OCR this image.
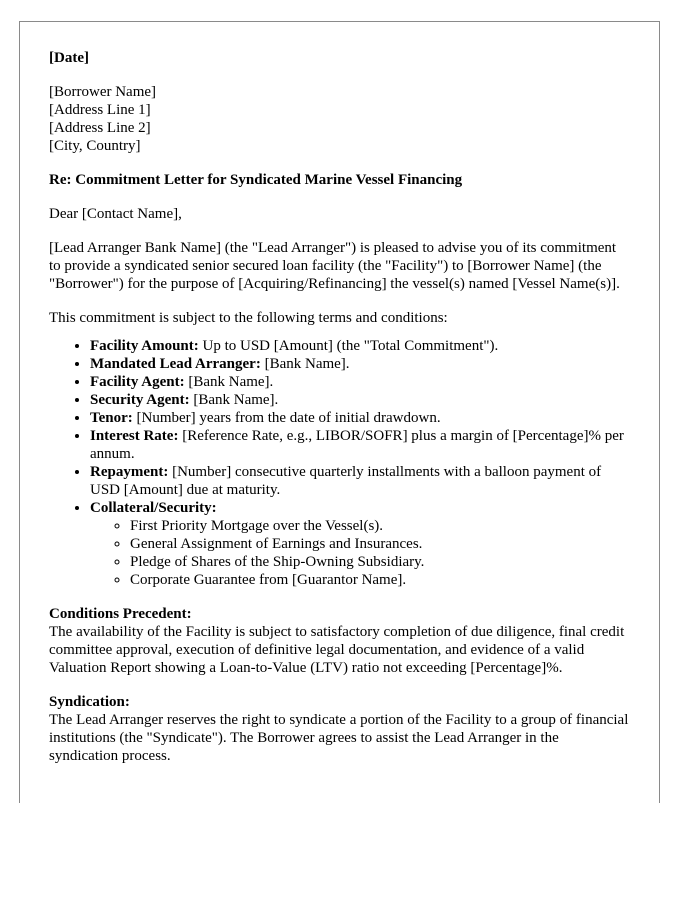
[Date]

[Borrower Name]
[Address Line 1]
[Address Line 2]
[City, Country]

Re: Commitment Letter for Syndicated Marine Vessel Financing

Dear [Contact Name],

[Lead Arranger Bank Name] (the "Lead Arranger") is pleased to advise you of its commitment to provide a syndicated senior secured loan facility (the "Facility") to [Borrower Name] (the "Borrower") for the purpose of [Acquiring/Refinancing] the vessel(s) named [Vessel Name(s)].

This commitment is subject to the following terms and conditions:

• Facility Amount: Up to USD [Amount] (the "Total Commitment").
• Mandated Lead Arranger: [Bank Name].
• Facility Agent: [Bank Name].
• Security Agent: [Bank Name].
• Tenor: [Number] years from the date of initial drawdown.
• Interest Rate: [Reference Rate, e.g., LIBOR/SOFR] plus a margin of [Percentage]% per annum.
• Repayment: [Number] consecutive quarterly installments with a balloon payment of USD [Amount] due at maturity.
• Collateral/Security:
◦ First Priority Mortgage over the Vessel(s).
◦ General Assignment of Earnings and Insurances.
◦ Pledge of Shares of the Ship-Owning Subsidiary.
◦ Corporate Guarantee from [Guarantor Name].

Conditions Precedent:
The availability of the Facility is subject to satisfactory completion of due diligence, final credit committee approval, execution of definitive legal documentation, and evidence of a valid Valuation Report showing a Loan-to-Value (LTV) ratio not exceeding [Percentage]%.

Syndication:
The Lead Arranger reserves the right to syndicate a portion of the Facility to a group of financial institutions (the "Syndicate"). The Borrower agrees to assist the Lead Arranger in the syndication process.
